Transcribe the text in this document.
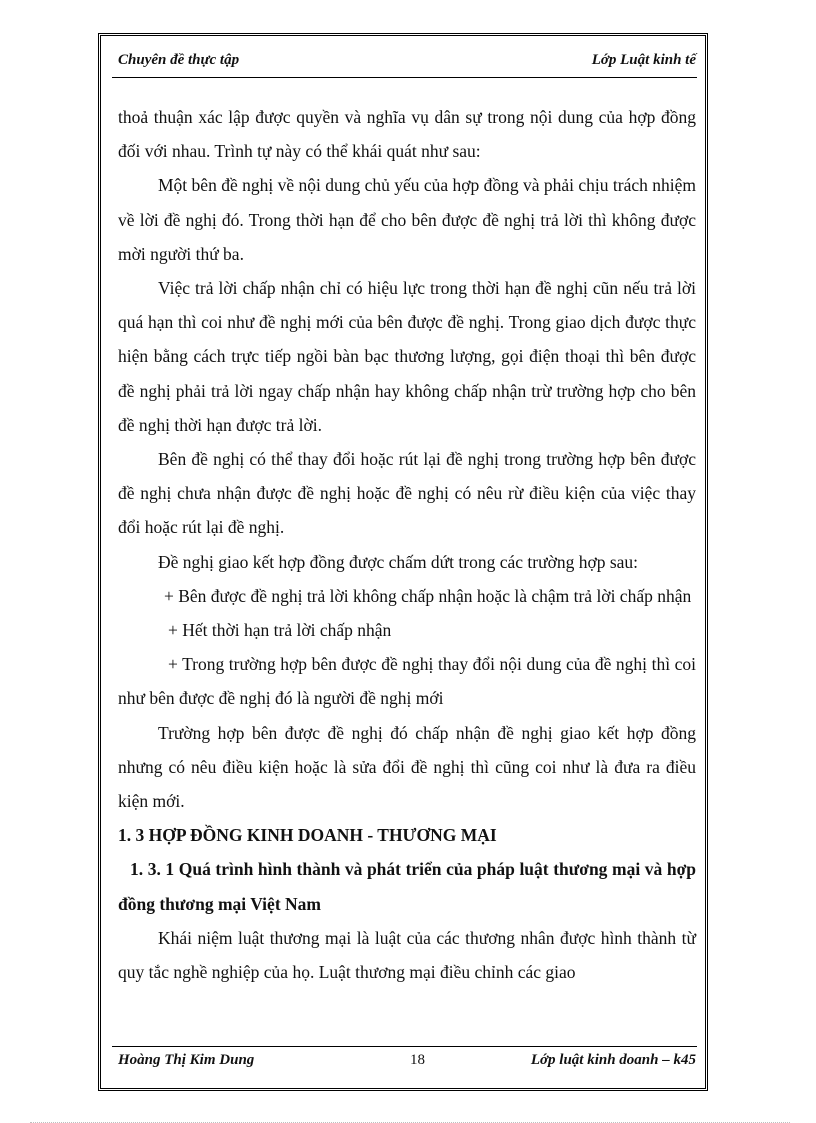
Chuyên đề thực tập	Lớp Luật kinh tế

thoả thuận xác lập được quyền và nghĩa vụ dân sự trong nội dung của hợp đồng đối với nhau. Trình tự này có thể khái quát như sau:

Một bên đề nghị về nội dung chủ yếu của hợp đồng và phải chịu trách nhiệm về lời đề nghị đó. Trong thời hạn để cho bên được đề nghị trả lời thì không được mời người thứ ba.

Việc trả lời chấp nhận chỉ có hiệu lực trong thời hạn đề nghị cũn nếu trả lời quá hạn thì coi như đề nghị mới của bên được đề nghị. Trong giao dịch được thực hiện bằng cách trực tiếp ngồi bàn bạc thương lượng, gọi điện thoại thì bên được đề nghị phải trả lời ngay chấp nhận hay không chấp nhận trừ trường hợp cho bên đề nghị thời hạn được trả lời.

Bên đề nghị có thể thay đổi hoặc rút lại đề nghị trong trường hợp bên được đề nghị chưa nhận được đề nghị hoặc đề nghị có nêu rừ điều kiện của việc thay đổi hoặc rút lại đề nghị.

Đề nghị giao kết hợp đồng được chấm dứt trong các trường hợp sau:

+ Bên được đề nghị trả lời không chấp nhận hoặc là chậm trả lời chấp nhận

+ Hết thời hạn trả lời chấp nhận

+ Trong trường hợp bên được đề nghị thay đổi nội dung của đề nghị thì coi như bên được đề nghị đó là người đề nghị mới

Trường hợp bên được đề nghị đó chấp nhận đề nghị giao kết hợp đồng nhưng có nêu điều kiện hoặc là sửa đổi đề nghị thì cũng coi như là đưa ra điều kiện mới.

1. 3 HỢP ĐỒNG KINH DOANH - THƯƠNG MẠI

1. 3. 1 Quá trình hình thành và phát triển của pháp luật thương mại và hợp đồng thương mại Việt Nam

Khái niệm luật thương mại là luật của các thương nhân được hình thành từ quy tắc nghề nghiệp của họ. Luật thương mại điều chỉnh các giao

Hoàng Thị Kim Dung	18	Lớp luật kinh doanh – k45
